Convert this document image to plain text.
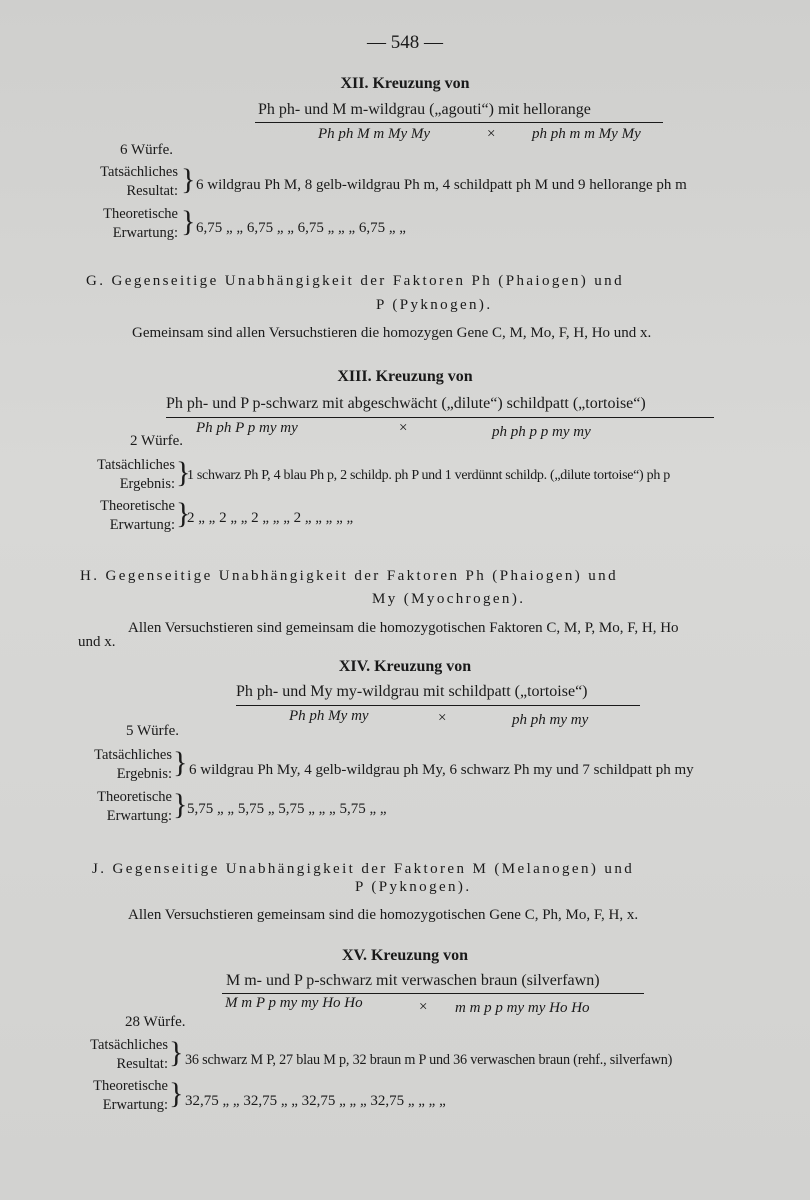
— 548 —
XII. Kreuzung von
Ph ph- und M m-wildgrau („agouti“) mit hellorange
Ph ph M m My My	× ph ph m m My My
6 Würfe.
Tatsächliches
Resultat: } 6 wildgrau Ph M, 8 gelb-wildgrau Ph m, 4 schildpatt ph M und 9 hellorange ph m
Theoretische
Erwartung: } 6,75 „ „ 6,75 „ „ 6,75 „ „ „ 6,75 „ „
G. Gegenseitige Unabhängigkeit der Faktoren Ph (Phaiogen) und
P (Pyknogen).
Gemeinsam sind allen Versuchstieren die homozygen Gene C, M, Mo, F, H, Ho und x.
XIII. Kreuzung von
Ph ph- und P p-schwarz mit abgeschwächt („dilute“) schildpatt („tortoise“)
Ph ph P p my my	×	ph ph p p my my
2 Würfe.
Tatsächliches
Ergebnis: }
1 schwarz Ph P, 4 blau Ph p, 2 schildp. ph P und 1 verdünnt schildp. („dilute tortoise“) ph p
Theoretische
Erwartung: }
2 „ „ 2 „ „ 2 „ „ „ 2 „ „ „ „ „
H. Gegenseitige Unabhängigkeit der Faktoren Ph (Phaiogen) und
My (Myochrogen).
Allen Versuchstieren sind gemeinsam die homozygotischen Faktoren C, M, P, Mo, F, H, Ho
und x.
XIV. Kreuzung von
Ph ph- und My my-wildgrau mit schildpatt („tortoise“)
Ph ph My my	×	ph ph my my
5 Würfe.
Tatsächliches
Ergebnis: } 6 wildgrau Ph My, 4 gelb-wildgrau ph My, 6 schwarz Ph my und 7 schildpatt ph my
Theoretische
Erwartung: } 5,75 „ „ 5,75 „ 5,75 „ „ „ 5,75 „ „
J. Gegenseitige Unabhängigkeit der Faktoren M (Melanogen) und
P (Pyknogen).
Allen Versuchstieren gemeinsam sind die homozygotischen Gene C, Ph, Mo, F, H, x.
XV. Kreuzung von
M m- und P p-schwarz mit verwaschen braun (silverfawn)
M m P p my my Ho Ho	× m m p p my my Ho Ho
28 Würfe.
Tatsächliches
Resultat: } 36 schwarz M P, 27 blau M p, 32 braun m P und 36 verwaschen braun (rehf., silverfawn)
Theoretische
Erwartung: } 32,75 „ „ 32,75 „ „ 32,75 „ „ „ 32,75 „ „ „ „
